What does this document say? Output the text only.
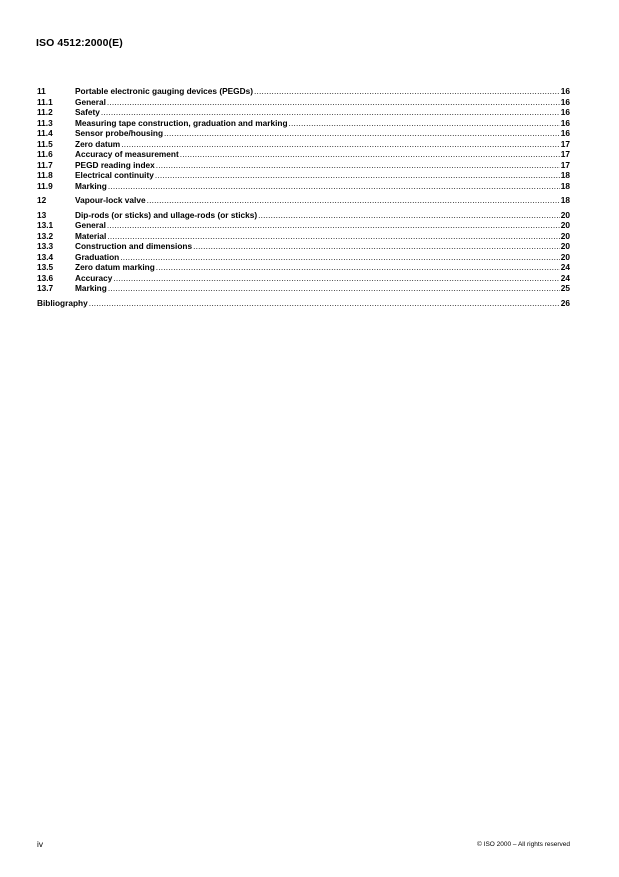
ISO 4512:2000(E)
11	Portable electronic gauging devices (PEGDs) .....	16
11.1	General .....	16
11.2	Safety .....	16
11.3	Measuring tape construction, graduation and marking .....	16
11.4	Sensor probe/housing .....	16
11.5	Zero datum .....	17
11.6	Accuracy of measurement .....	17
11.7	PEGD reading index .....	17
11.8	Electrical continuity .....	18
11.9	Marking .....	18
12	Vapour-lock valve .....	18
13	Dip-rods (or sticks) and ullage-rods (or sticks) .....	20
13.1	General .....	20
13.2	Material .....	20
13.3	Construction and dimensions .....	20
13.4	Graduation .....	20
13.5	Zero datum marking .....	24
13.6	Accuracy .....	24
13.7	Marking .....	25
Bibliography .....	26
iv	© ISO 2000 – All rights reserved
